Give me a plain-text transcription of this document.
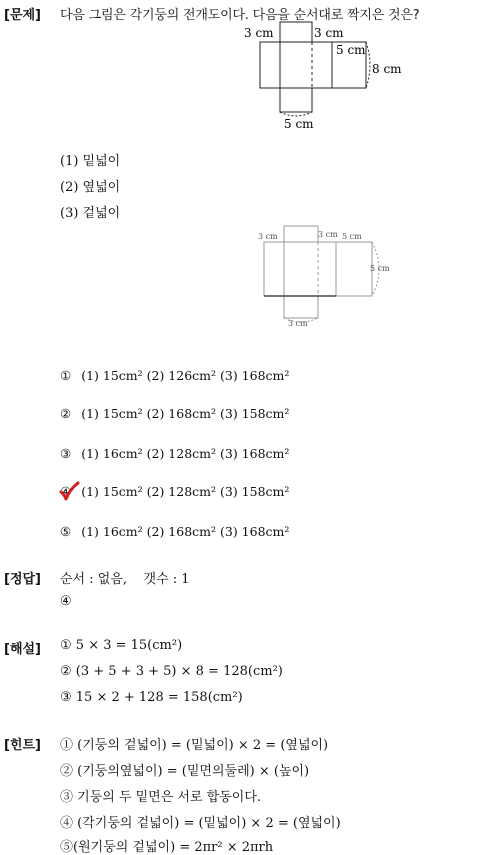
[문제] 다음 그림은 각기둥의 전개도이다. 다음을 순서대로 짝지은 것은?
3 cm	3 cm
5 cm
8 cm
5 cm
(1) 밑넓이
(2) 옆넓이
(3) 겉넓이
3 cm	3 cm 5 cm
5 cm
3 cm
① (1) 15cm² (2) 126cm² (3) 168cm²
② (1) 15cm² (2) 168cm² (3) 158cm²
③ (1) 16cm² (2) 128cm² (3) 168cm²
④ (1) 15cm² (2) 128cm² (3) 158cm²
⑤ (1) 16cm² (2) 168cm² (3) 168cm²
[정답] 순서 : 없음,    갯수 : 1
④
[해설] ① 5 × 3 = 15(cm²)
② (3 + 5 + 3 + 5) × 8 = 128(cm²)
③ 15 × 2 + 128 = 158(cm²)
[힌트] ① (기둥의 겉넓이) = (밑넓이) × 2 = (옆넓이)
② (기둥의옆넓이) = (밑면의둘레) × (높이)
③ 기둥의 두 밑면은 서로 합동이다.
④ (각기둥의 겉넓이) = (밑넓이) × 2 = (옆넓이)
⑤(원기둥의 겉넓이) = 2πr² × 2πrh
